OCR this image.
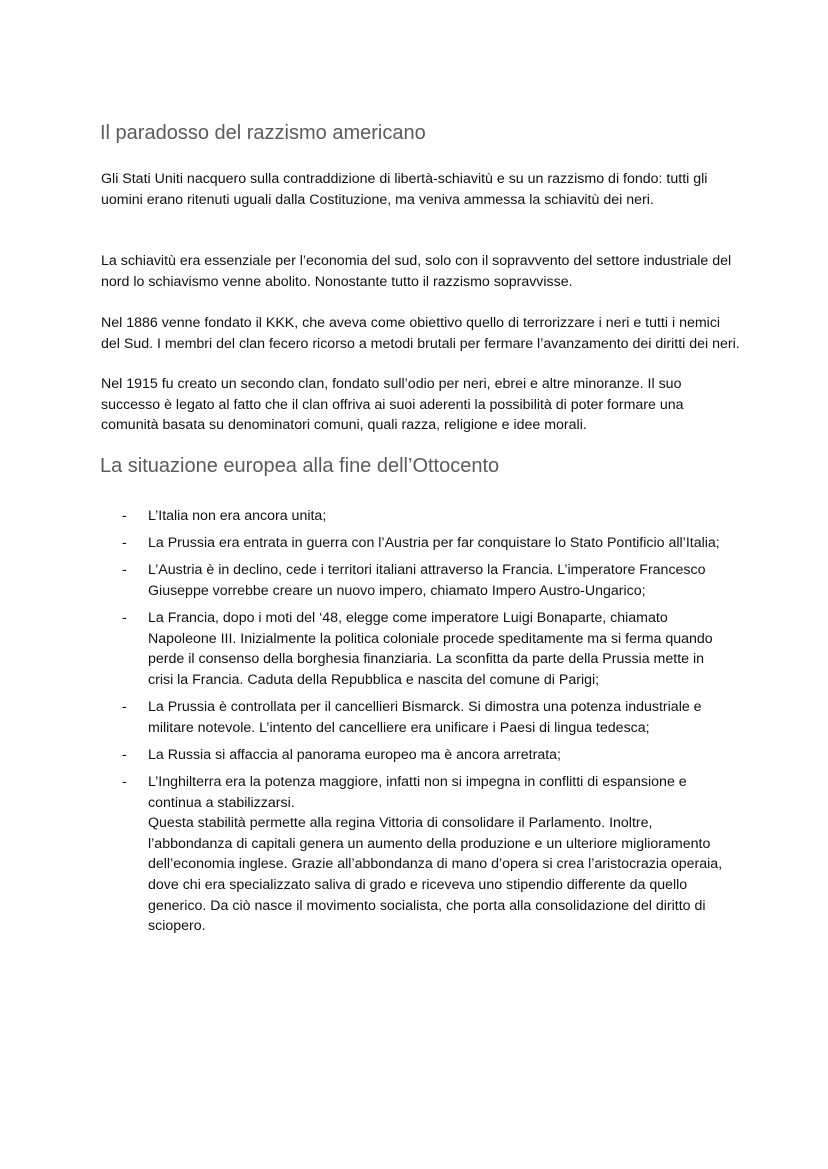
Il paradosso del razzismo americano

Gli Stati Uniti nacquero sulla contraddizione di libertà-schiavitù e su un razzismo di fondo: tutti gli uomini erano ritenuti uguali dalla Costituzione, ma veniva ammessa la schiavitù dei neri.

La schiavitù era essenziale per l’economia del sud, solo con il sopravvento del settore industriale del nord lo schiavismo venne abolito. Nonostante tutto il razzismo sopravvisse.

Nel 1886 venne fondato il KKK, che aveva come obiettivo quello di terrorizzare i neri e tutti i nemici del Sud. I membri del clan fecero ricorso a metodi brutali per fermare l’avanzamento dei diritti dei neri.

Nel 1915 fu creato un secondo clan, fondato sull’odio per neri, ebrei e altre minoranze. Il suo successo è legato al fatto che il clan offriva ai suoi aderenti la possibilità di poter formare una comunità basata su denominatori comuni, quali razza, religione e idee morali.

La situazione europea alla fine dell’Ottocento
-	L’Italia non era ancora unita;
-	La Prussia era entrata in guerra con l’Austria per far conquistare lo Stato Pontificio all’Italia;
-	L’Austria è in declino, cede i territori italiani attraverso la Francia. L’imperatore Francesco Giuseppe vorrebbe creare un nuovo impero, chiamato Impero Austro-Ungarico;
-	La Francia, dopo i moti del ‘48, elegge come imperatore Luigi Bonaparte, chiamato Napoleone III. Inizialmente la politica coloniale procede speditamente ma si ferma quando perde il consenso della borghesia finanziaria. La sconfitta da parte della Prussia mette in crisi la Francia. Caduta della Repubblica e nascita del comune di Parigi;
-	La Prussia è controllata per il cancellieri Bismarck. Si dimostra una potenza industriale e militare notevole. L’intento del cancelliere era unificare i Paesi di lingua tedesca;
-	La Russia si affaccia al panorama europeo ma è ancora arretrata;
-	L’Inghilterra era la potenza maggiore, infatti non si impegna in conflitti di espansione e continua a stabilizzarsi.
Questa stabilità permette alla regina Vittoria di consolidare il Parlamento. Inoltre, l’abbondanza di capitali genera un aumento della produzione e un ulteriore miglioramento dell’economia inglese. Grazie all’abbondanza di mano d’opera si crea l’aristocrazia operaia, dove chi era specializzato saliva di grado e riceveva uno stipendio differente da quello generico. Da ciò nasce il movimento socialista, che porta alla consolidazione del diritto di sciopero.
